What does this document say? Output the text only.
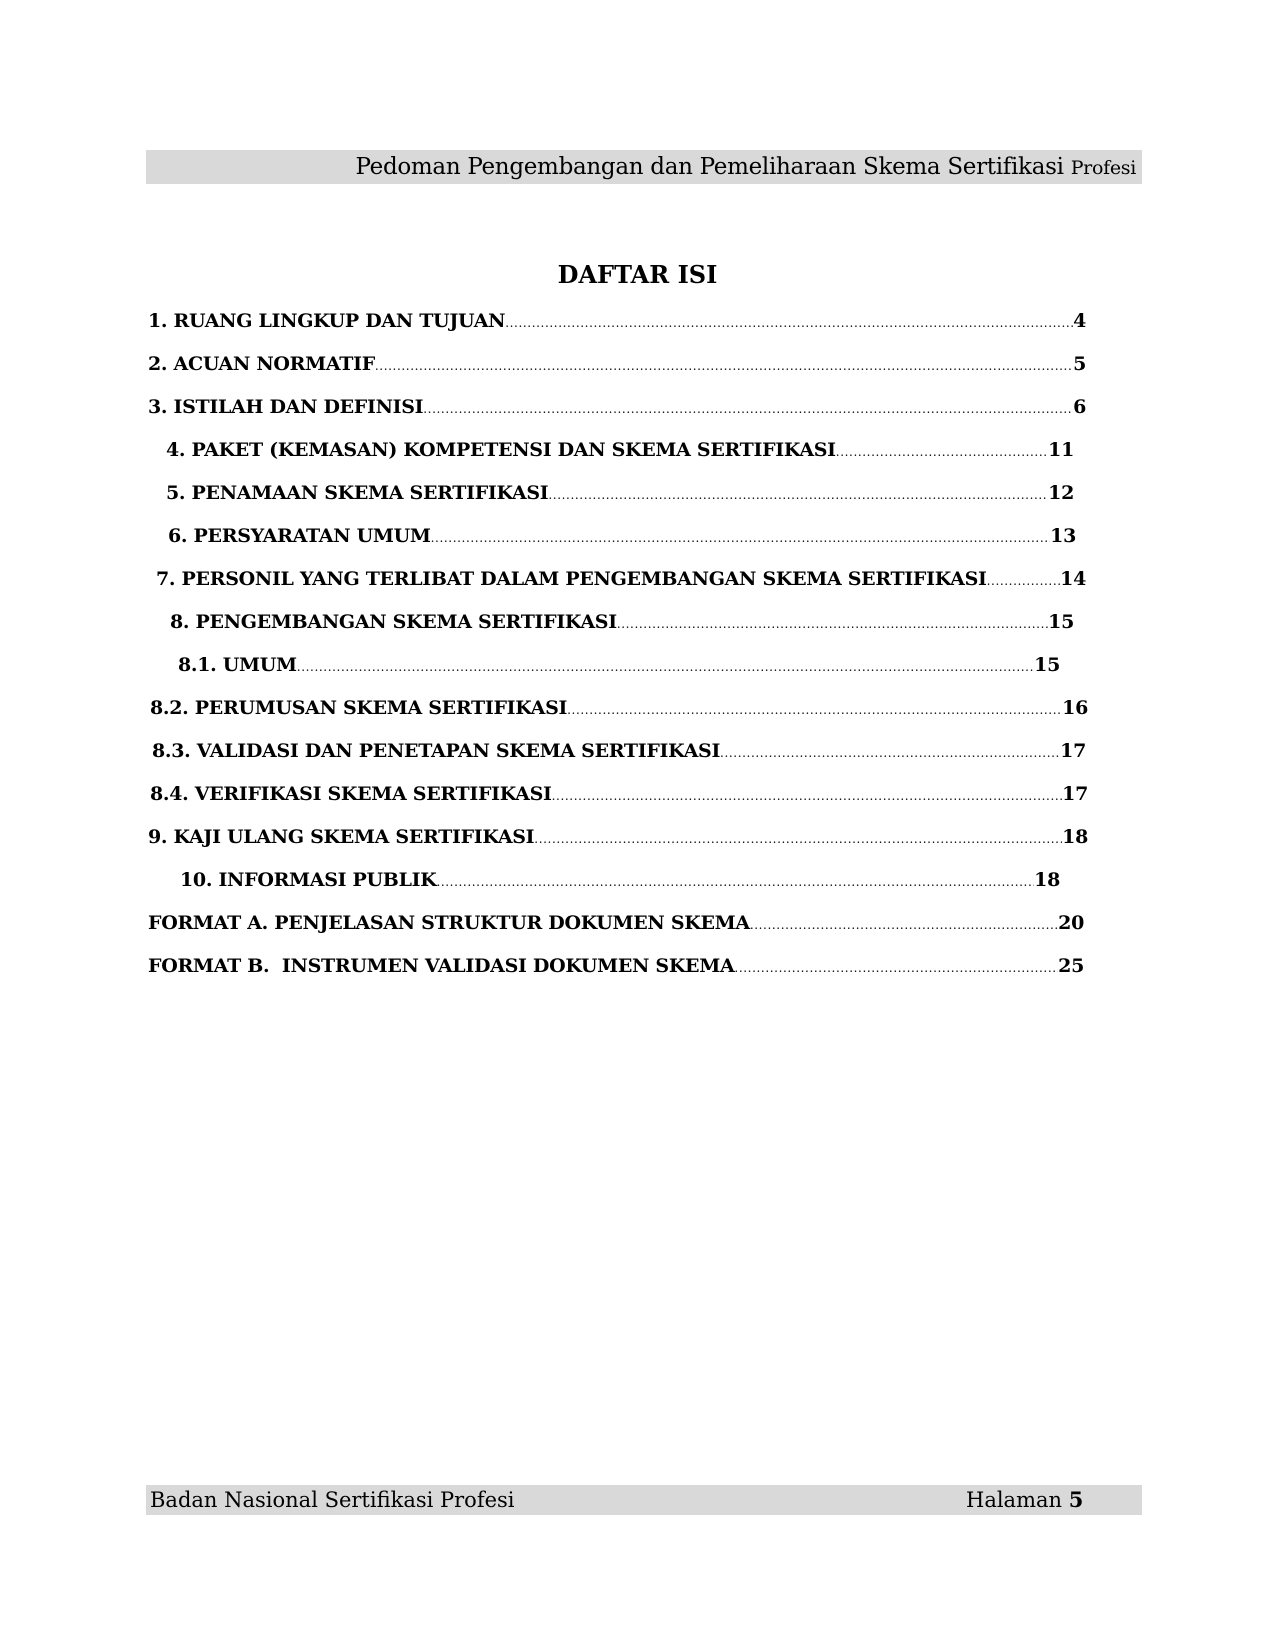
Pedoman Pengembangan dan Pemeliharaan Skema Sertifikasi Profesi
DAFTAR ISI
1. RUANG LINGKUP DAN TUJUAN .....	4
2. ACUAN NORMATIF .....	5
3. ISTILAH DAN DEFINISI .....	6
4. PAKET (KEMASAN) KOMPETENSI DAN SKEMA SERTIFIKASI .....	11
5. PENAMAAN SKEMA SERTIFIKASI .....	12
6. PERSYARATAN UMUM .....	13
7. PERSONIL YANG TERLIBAT DALAM PENGEMBANGAN SKEMA SERTIFIKASI .....	14
8. PENGEMBANGAN SKEMA SERTIFIKASI .....	15
8.1. UMUM .....	15
8.2. PERUMUSAN SKEMA SERTIFIKASI .....	16
8.3. VALIDASI DAN PENETAPAN SKEMA SERTIFIKASI .....	17
8.4. VERIFIKASI SKEMA SERTIFIKASI .....	17
9. KAJI ULANG SKEMA SERTIFIKASI .....	18
10. INFORMASI PUBLIK .....	18
FORMAT A. PENJELASAN STRUKTUR DOKUMEN SKEMA .....	20
FORMAT B.  INSTRUMEN VALIDASI DOKUMEN SKEMA .....	25
Badan Nasional Sertifikasi Profesi	Halaman 5
